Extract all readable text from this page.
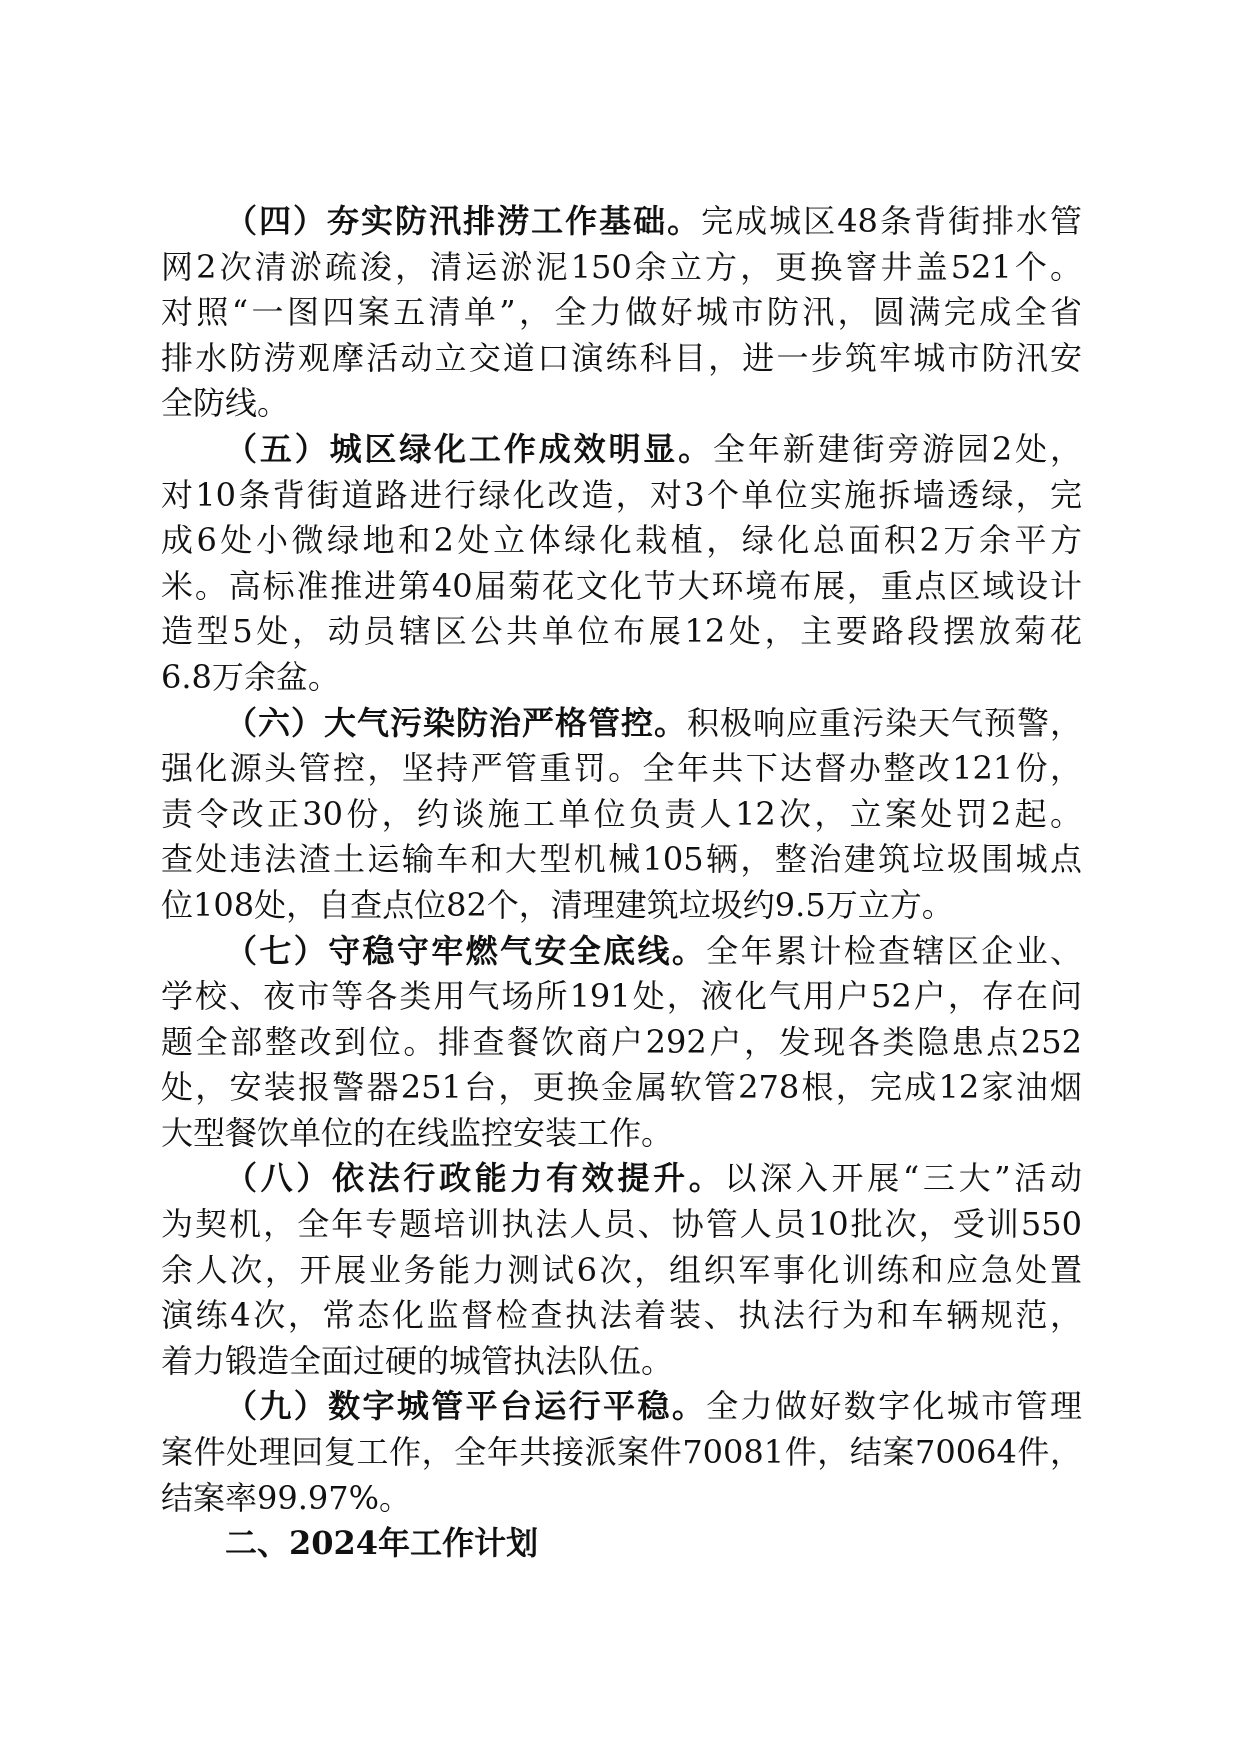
（四）夯实防汛排涝工作基础。完成城区48条背街排水管
网2次清淤疏浚，清运淤泥150余立方，更换窨井盖521个。
对照“一图四案五清单”，全力做好城市防汛，圆满完成全省
排水防涝观摩活动立交道口演练科目，进一步筑牢城市防汛安
全防线。
（五）城区绿化工作成效明显。全年新建街旁游园2处，
对10条背街道路进行绿化改造，对3个单位实施拆墙透绿，完
成6处小微绿地和2处立体绿化栽植，绿化总面积2万余平方
米。高标准推进第40届菊花文化节大环境布展，重点区域设计
造型5处，动员辖区公共单位布展12处，主要路段摆放菊花
6.8万余盆。
（六）大气污染防治严格管控。积极响应重污染天气预警，
强化源头管控，坚持严管重罚。全年共下达督办整改121份，
责令改正30份，约谈施工单位负责人12次，立案处罚2起。
查处违法渣土运输车和大型机械105辆，整治建筑垃圾围城点
位108处，自查点位82个，清理建筑垃圾约9.5万立方。
（七）守稳守牢燃气安全底线。全年累计检查辖区企业、
学校、夜市等各类用气场所191处，液化气用户52户，存在问
题全部整改到位。排查餐饮商户292户，发现各类隐患点252
处，安装报警器251台，更换金属软管278根，完成12家油烟
大型餐饮单位的在线监控安装工作。
（八）依法行政能力有效提升。以深入开展“三大”活动
为契机，全年专题培训执法人员、协管人员10批次，受训550
余人次，开展业务能力测试6次，组织军事化训练和应急处置
演练4次，常态化监督检查执法着装、执法行为和车辆规范，
着力锻造全面过硬的城管执法队伍。
（九）数字城管平台运行平稳。全力做好数字化城市管理
案件处理回复工作，全年共接派案件70081件，结案70064件，
结案率99.97%。
二、2024年工作计划
